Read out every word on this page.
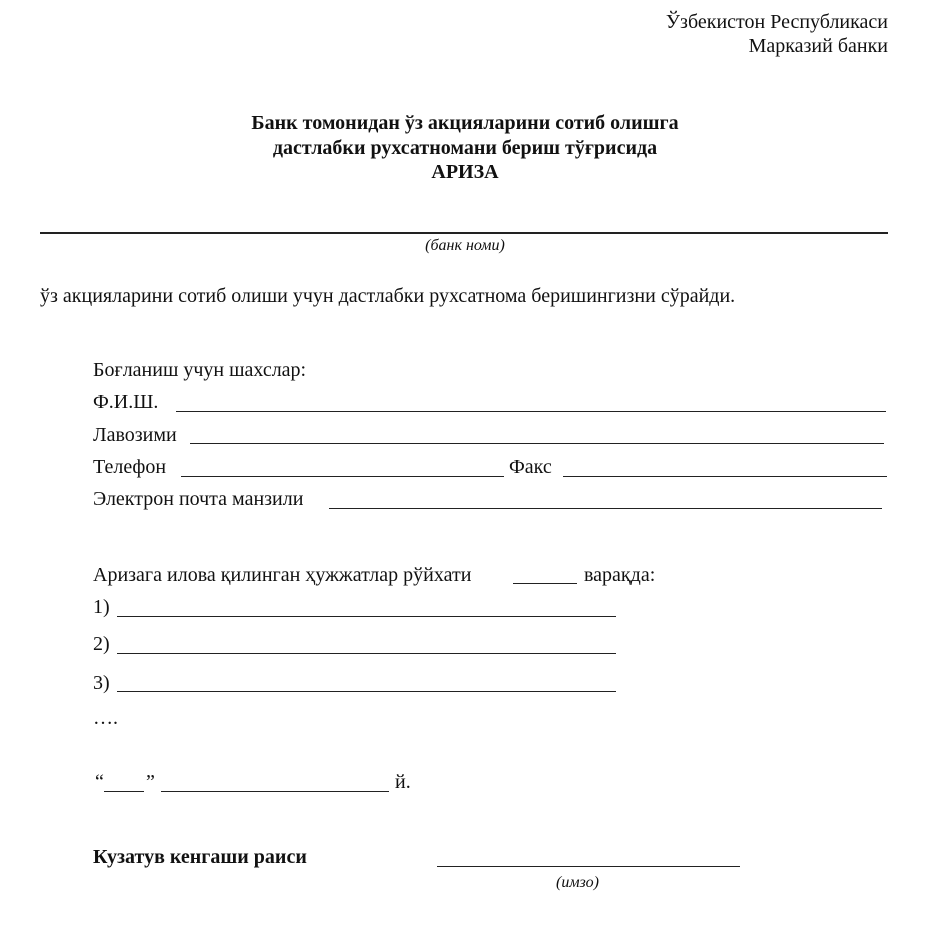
Ўзбекистон Республикаси
Марказий банки
Банк томонидан ўз акцияларини сотиб олишга
дастлабки рухсатномани бериш тўғрисида
АРИЗА
(банк номи)
ўз акцияларини сотиб олиши учун дастлабки рухсатнома беришингизни сўрайди.
Боғланиш учун шахслар:
Ф.И.Ш.
Лавозими
Телефон	Факс
Электрон почта манзили
Аризага илова қилинган ҳужжатлар рўйхати	варақда:
1)
2)
3)
….
“ ”	й.
Кузатув кенгаши раиси
(имзо)
